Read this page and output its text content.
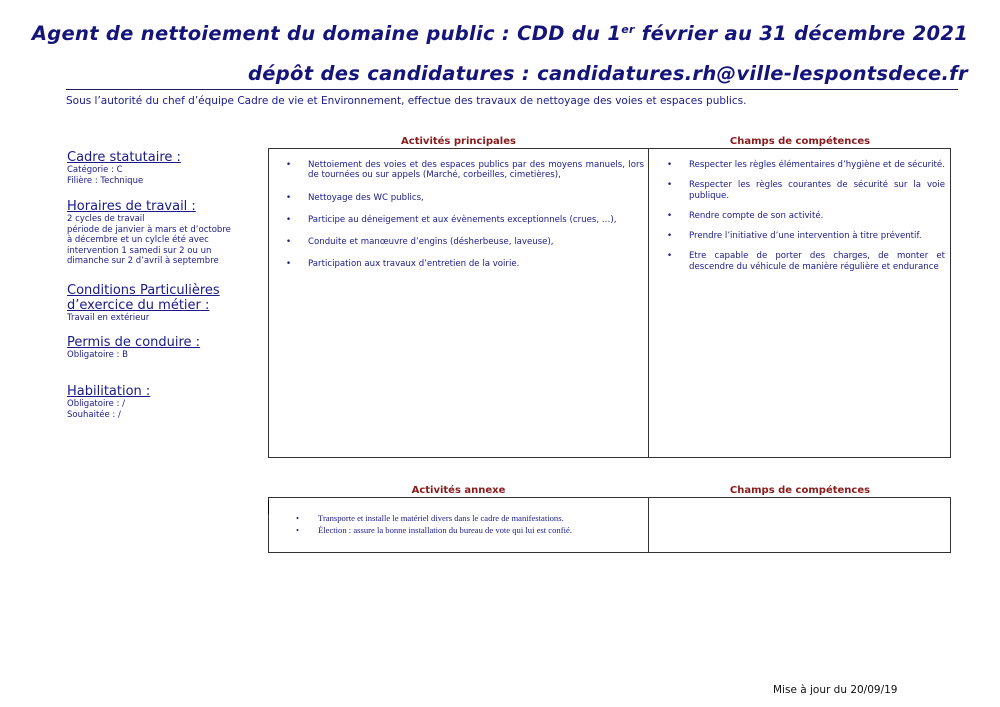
Agent de nettoiement du domaine public : CDD du 1er février au 31 décembre 2021
dépôt des candidatures : candidatures.rh@ville-lespontsdece.fr
Sous l’autorité du chef d’équipe Cadre de vie et Environnement, effectue des travaux de nettoyage des voies et espaces publics.
Cadre statutaire :
Catégorie : C
Filière : Technique
Horaires de travail :
2 cycles de travail
période de janvier à mars et d’octobre
à décembre et un cylcle été avec
intervention 1 samedi sur 2 ou un
dimanche sur 2 d’avril à septembre
Conditions Particulières
d’exercice du métier :
Travail en extérieur
Permis de conduire :
Obligatoire : B
Habilitation :
Obligatoire : /
Souhaitée : /
Activités principales	Champs de compétences
• Nettoiement des voies et des espaces publics par des moyens manuels, lors de tournées ou sur appels (Marché, corbeilles, cimetières),
• Nettoyage des WC publics,
• Participe au déneigement et aux évènements exceptionnels (crues, …),
• Conduite et manœuvre d’engins (désherbeuse, laveuse),
• Participation aux travaux d’entretien de la voirie.
• Respecter les règles élémentaires d’hygiène et de sécurité.
• Respecter les règles courantes de sécurité sur la voie publique.
• Rendre compte de son activité.
• Prendre l’initiative d’une intervention à titre préventif.
• Etre capable de porter des charges, de monter et descendre du véhicule de manière régulière et endurance
Activités annexe	Champs de compétences
• Transporte et installe le matériel divers dans le cadre de manifestations.
• Élection : assure la bonne installation du bureau de vote qui lui est confié.
Mise à jour du 20/09/19
